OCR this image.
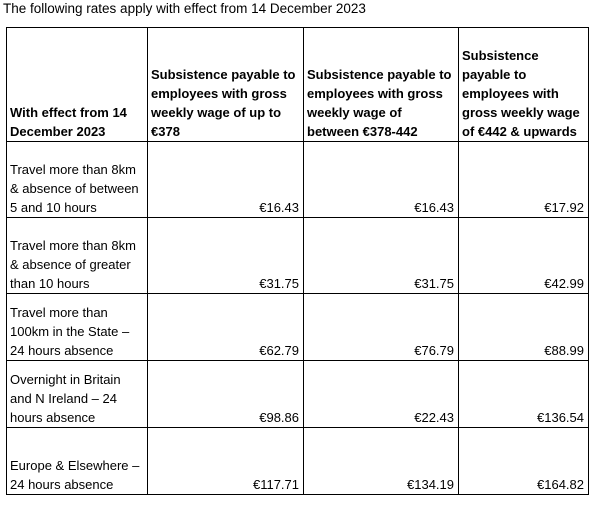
The following rates apply with effect from 14 December 2023
With effect from 14 December 2023	Subsistence payable to employees with gross weekly wage of up to €378	Subsistence payable to employees with gross weekly wage of between €378-442	Subsistence payable to employees with gross weekly wage of €442 & upwards

Travel more than 8km & absence of between 5 and 10 hours	€16.43	€16.43	€17.92
Travel more than 8km & absence of greater than 10 hours	€31.75	€31.75	€42.99
Travel more than 100km in the State – 24 hours absence	€62.79	€76.79	€88.99
Overnight in Britain and N Ireland – 24 hours absence	€98.86	€22.43	€136.54
Europe & Elsewhere – 24 hours absence	€117.71	€134.19	€164.82
